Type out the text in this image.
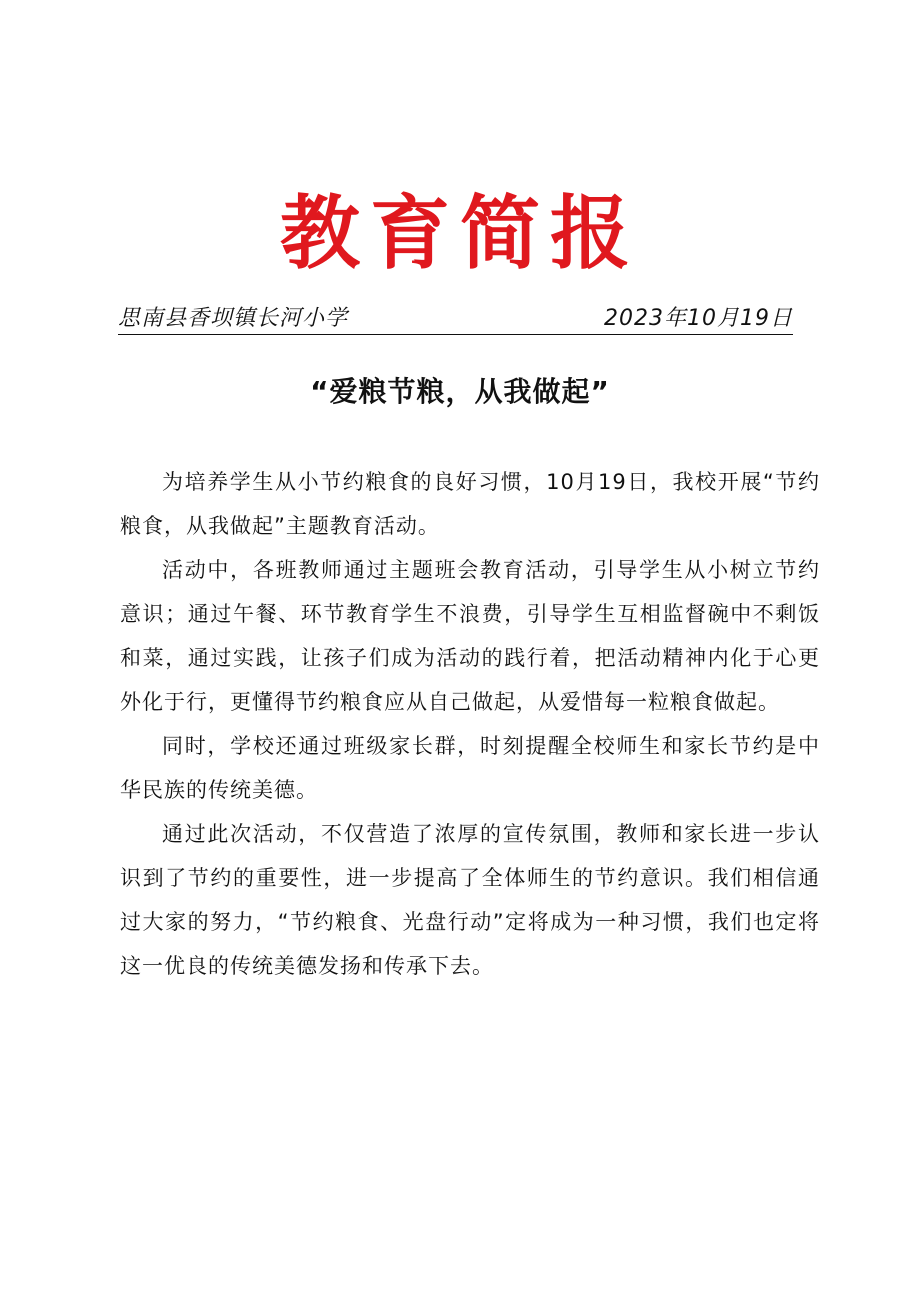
教育简报
思南县香坝镇长河小学	2023年10月19日
“爱粮节粮，从我做起”

为培养学生从小节约粮食的良好习惯，10月19日，我校开展“节约粮食，从我做起”主题教育活动。

活动中，各班教师通过主题班会教育活动，引导学生从小树立节约意识；通过午餐、环节教育学生不浪费，引导学生互相监督碗中不剩饭和菜，通过实践，让孩子们成为活动的践行着，把活动精神内化于心更外化于行，更懂得节约粮食应从自己做起，从爱惜每一粒粮食做起。

同时，学校还通过班级家长群，时刻提醒全校师生和家长节约是中华民族的传统美德。

通过此次活动，不仅营造了浓厚的宣传氛围，教师和家长进一步认识到了节约的重要性，进一步提高了全体师生的节约意识。我们相信通过大家的努力，“节约粮食、光盘行动”定将成为一种习惯，我们也定将这一优良的传统美德发扬和传承下去。
